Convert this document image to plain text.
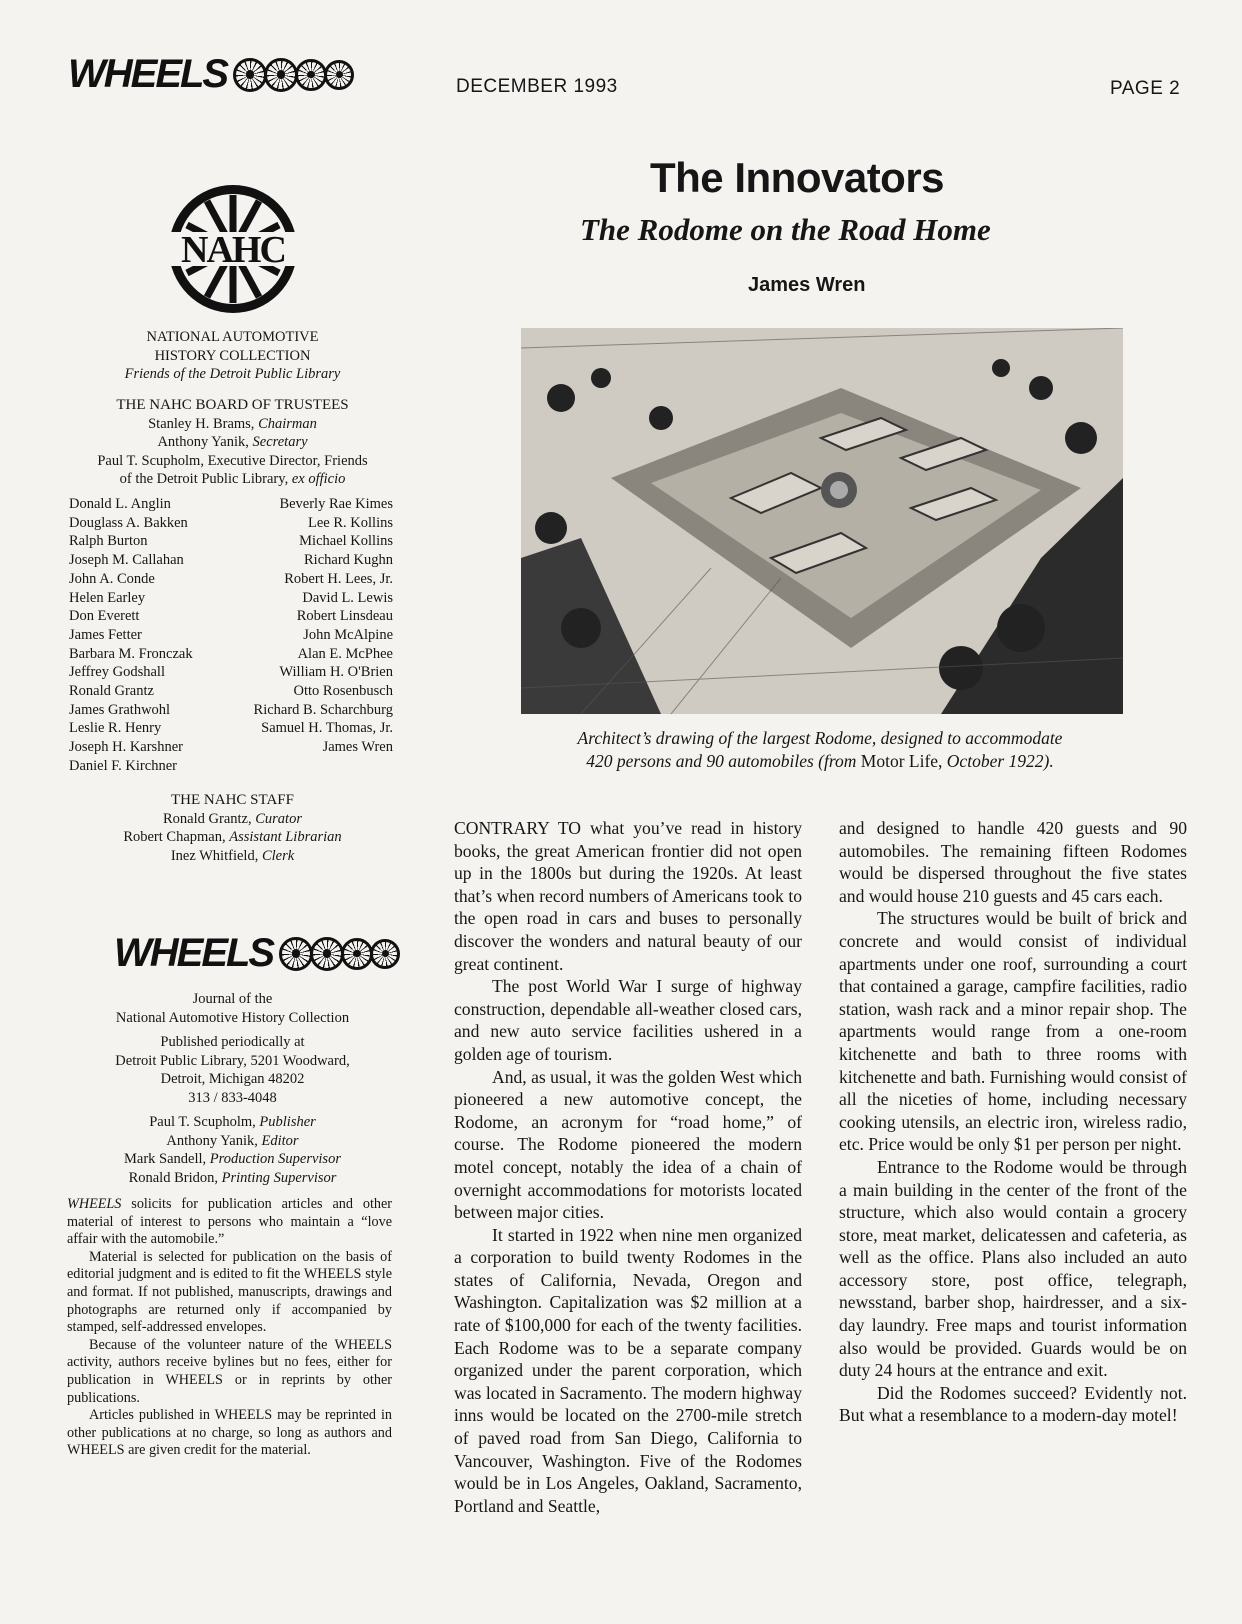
WHEELS	DECEMBER 1993	PAGE 2
NAHC
NATIONAL AUTOMOTIVE
HISTORY COLLECTION
Friends of the Detroit Public Library
THE NAHC BOARD OF TRUSTEES
Stanley H. Brams, Chairman
Anthony Yanik, Secretary
Paul T. Scupholm, Executive Director, Friends
of the Detroit Public Library, ex officio
Donald L. Anglin	Beverly Rae Kimes
Douglass A. Bakken	Lee R. Kollins
Ralph Burton	Michael Kollins
Joseph M. Callahan	Richard Kughn
John A. Conde	Robert H. Lees, Jr.
Helen Earley	David L. Lewis
Don Everett	Robert Linsdeau
James Fetter	John McAlpine
Barbara M. Fronczak	Alan E. McPhee
Jeffrey Godshall	William H. O'Brien
Ronald Grantz	Otto Rosenbusch
James Grathwohl	Richard B. Scharchburg
Leslie R. Henry	Samuel H. Thomas, Jr.
Joseph H. Karshner	James Wren
Daniel F. Kirchner
THE NAHC STAFF
Ronald Grantz, Curator
Robert Chapman, Assistant Librarian
Inez Whitfield, Clerk
WHEELS
Journal of the
National Automotive History Collection
Published periodically at
Detroit Public Library, 5201 Woodward,
Detroit, Michigan 48202
313 / 833-4048
Paul T. Scupholm, Publisher
Anthony Yanik, Editor
Mark Sandell, Production Supervisor
Ronald Bridon, Printing Supervisor

WHEELS solicits for publication articles and other material of interest to persons who maintain a “love affair with the automobile.”

Material is selected for publication on the basis of editorial judgment and is edited to fit the WHEELS style and format. If not published, manuscripts, drawings and photographs are returned only if accompanied by stamped, self-addressed envelopes.

Because of the volunteer nature of the WHEELS activity, authors receive bylines but no fees, either for publication in WHEELS or in reprints by other publications.

Articles published in WHEELS may be reprinted in other publications at no charge, so long as authors and WHEELS are given credit for the material.

The Innovators
The Rodome on the Road Home
James Wren
Architect’s drawing of the largest Rodome, designed to accommodate
420 persons and 90 automobiles (from Motor Life, October 1922).

CONTRARY TO what you’ve read in history books, the great American frontier did not open up in the 1800s but during the 1920s. At least that’s when record numbers of Americans took to the open road in cars and buses to personally discover the wonders and natural beauty of our great continent.

The post World War I surge of highway construction, dependable all-weather closed cars, and new auto service facilities ushered in a golden age of tourism.

And, as usual, it was the golden West which pioneered a new automotive concept, the Rodome, an acronym for “road home,” of course. The Rodome pioneered the modern motel concept, notably the idea of a chain of overnight accommodations for motorists located between major cities.

It started in 1922 when nine men organized a corporation to build twenty Rodomes in the states of California, Nevada, Oregon and Washington. Capitalization was $2 million at a rate of $100,000 for each of the twenty facilities. Each Rodome was to be a separate company organized under the parent corporation, which was located in Sacramento. The modern highway inns would be located on the 2700-mile stretch of paved road from San Diego, California to Vancouver, Washington. Five of the Rodomes would be in Los Angeles, Oakland, Sacramento, Portland and Seattle,

and designed to handle 420 guests and 90 automobiles. The remaining fifteen Rodomes would be dispersed throughout the five states and would house 210 guests and 45 cars each.

The structures would be built of brick and concrete and would consist of individual apartments under one roof, surrounding a court that contained a garage, campfire facilities, radio station, wash rack and a minor repair shop. The apartments would range from a one-room kitchenette and bath to three rooms with kitchenette and bath. Furnishing would consist of all the niceties of home, including necessary cooking utensils, an electric iron, wireless radio, etc. Price would be only $1 per person per night.

Entrance to the Rodome would be through a main building in the center of the front of the structure, which also would contain a grocery store, meat market, delicatessen and cafeteria, as well as the office. Plans also included an auto accessory store, post office, telegraph, newsstand, barber shop, hairdresser, and a six-day laundry. Free maps and tourist information also would be provided. Guards would be on duty 24 hours at the entrance and exit.

Did the Rodomes succeed? Evidently not. But what a resemblance to a modern-day motel!
